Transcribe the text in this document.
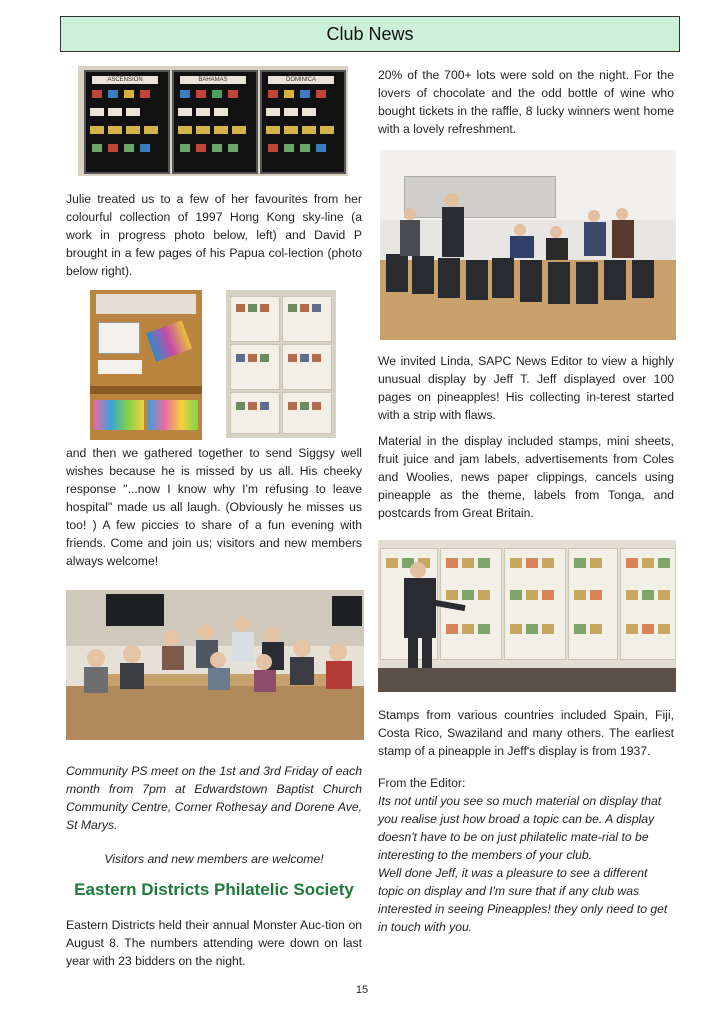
Club News
ASCENSION	BAHAMAS	DOMINICA

Julie treated us to a few of her favourites from her colourful collection of 1997 Hong Kong sky-line (a work in progress photo below, left) and David P brought in a few pages of his Papua col-lection (photo below right).

and then we gathered together to send Siggsy well wishes because he is missed by us all. His cheeky response "...now I know why I'm refusing to leave hospital" made us all laugh. (Obviously he misses us too! ) A few piccies to share of a fun evening with friends. Come and join us; visitors and new members always welcome!

Community PS meet on the 1st and 3rd Friday of each month from 7pm at Edwardstown Baptist Church Community Centre, Corner Rothesay and Dorene Ave, St Marys.

Visitors and new members are welcome!

Eastern Districts Philatelic Society

Eastern Districts held their annual Monster Auc-tion on August 8. The numbers attending were down on last year with 23 bidders on the night.

20% of the 700+ lots were sold on the night. For the lovers of chocolate and the odd bottle of wine who bought tickets in the raffle, 8 lucky winners went home with a lovely refreshment.

We invited Linda, SAPC News Editor to view a highly unusual display by Jeff T. Jeff displayed over 100 pages on pineapples! His collecting in-terest started with a strip with flaws.

Material in the display included stamps, mini sheets, fruit juice and jam labels, advertisements from Coles and Woolies, news paper clippings, cancels using pineapple as the theme, labels from Tonga, and postcards from Great Britain.

Stamps from various countries included Spain, Fiji, Costa Rico, Swaziland and many others. The earliest stamp of a pineapple in Jeff's display is from 1937.

From the Editor:

Its not until you see so much material on display that you realise just how broad a topic can be. A display doesn't have to be on just philatelic mate-rial to be interesting to the members of your club.

Well done Jeff, it was a pleasure to see a different topic on display and I'm sure that if any club was interested in seeing Pineapples! they only need to get in touch with you.

15
